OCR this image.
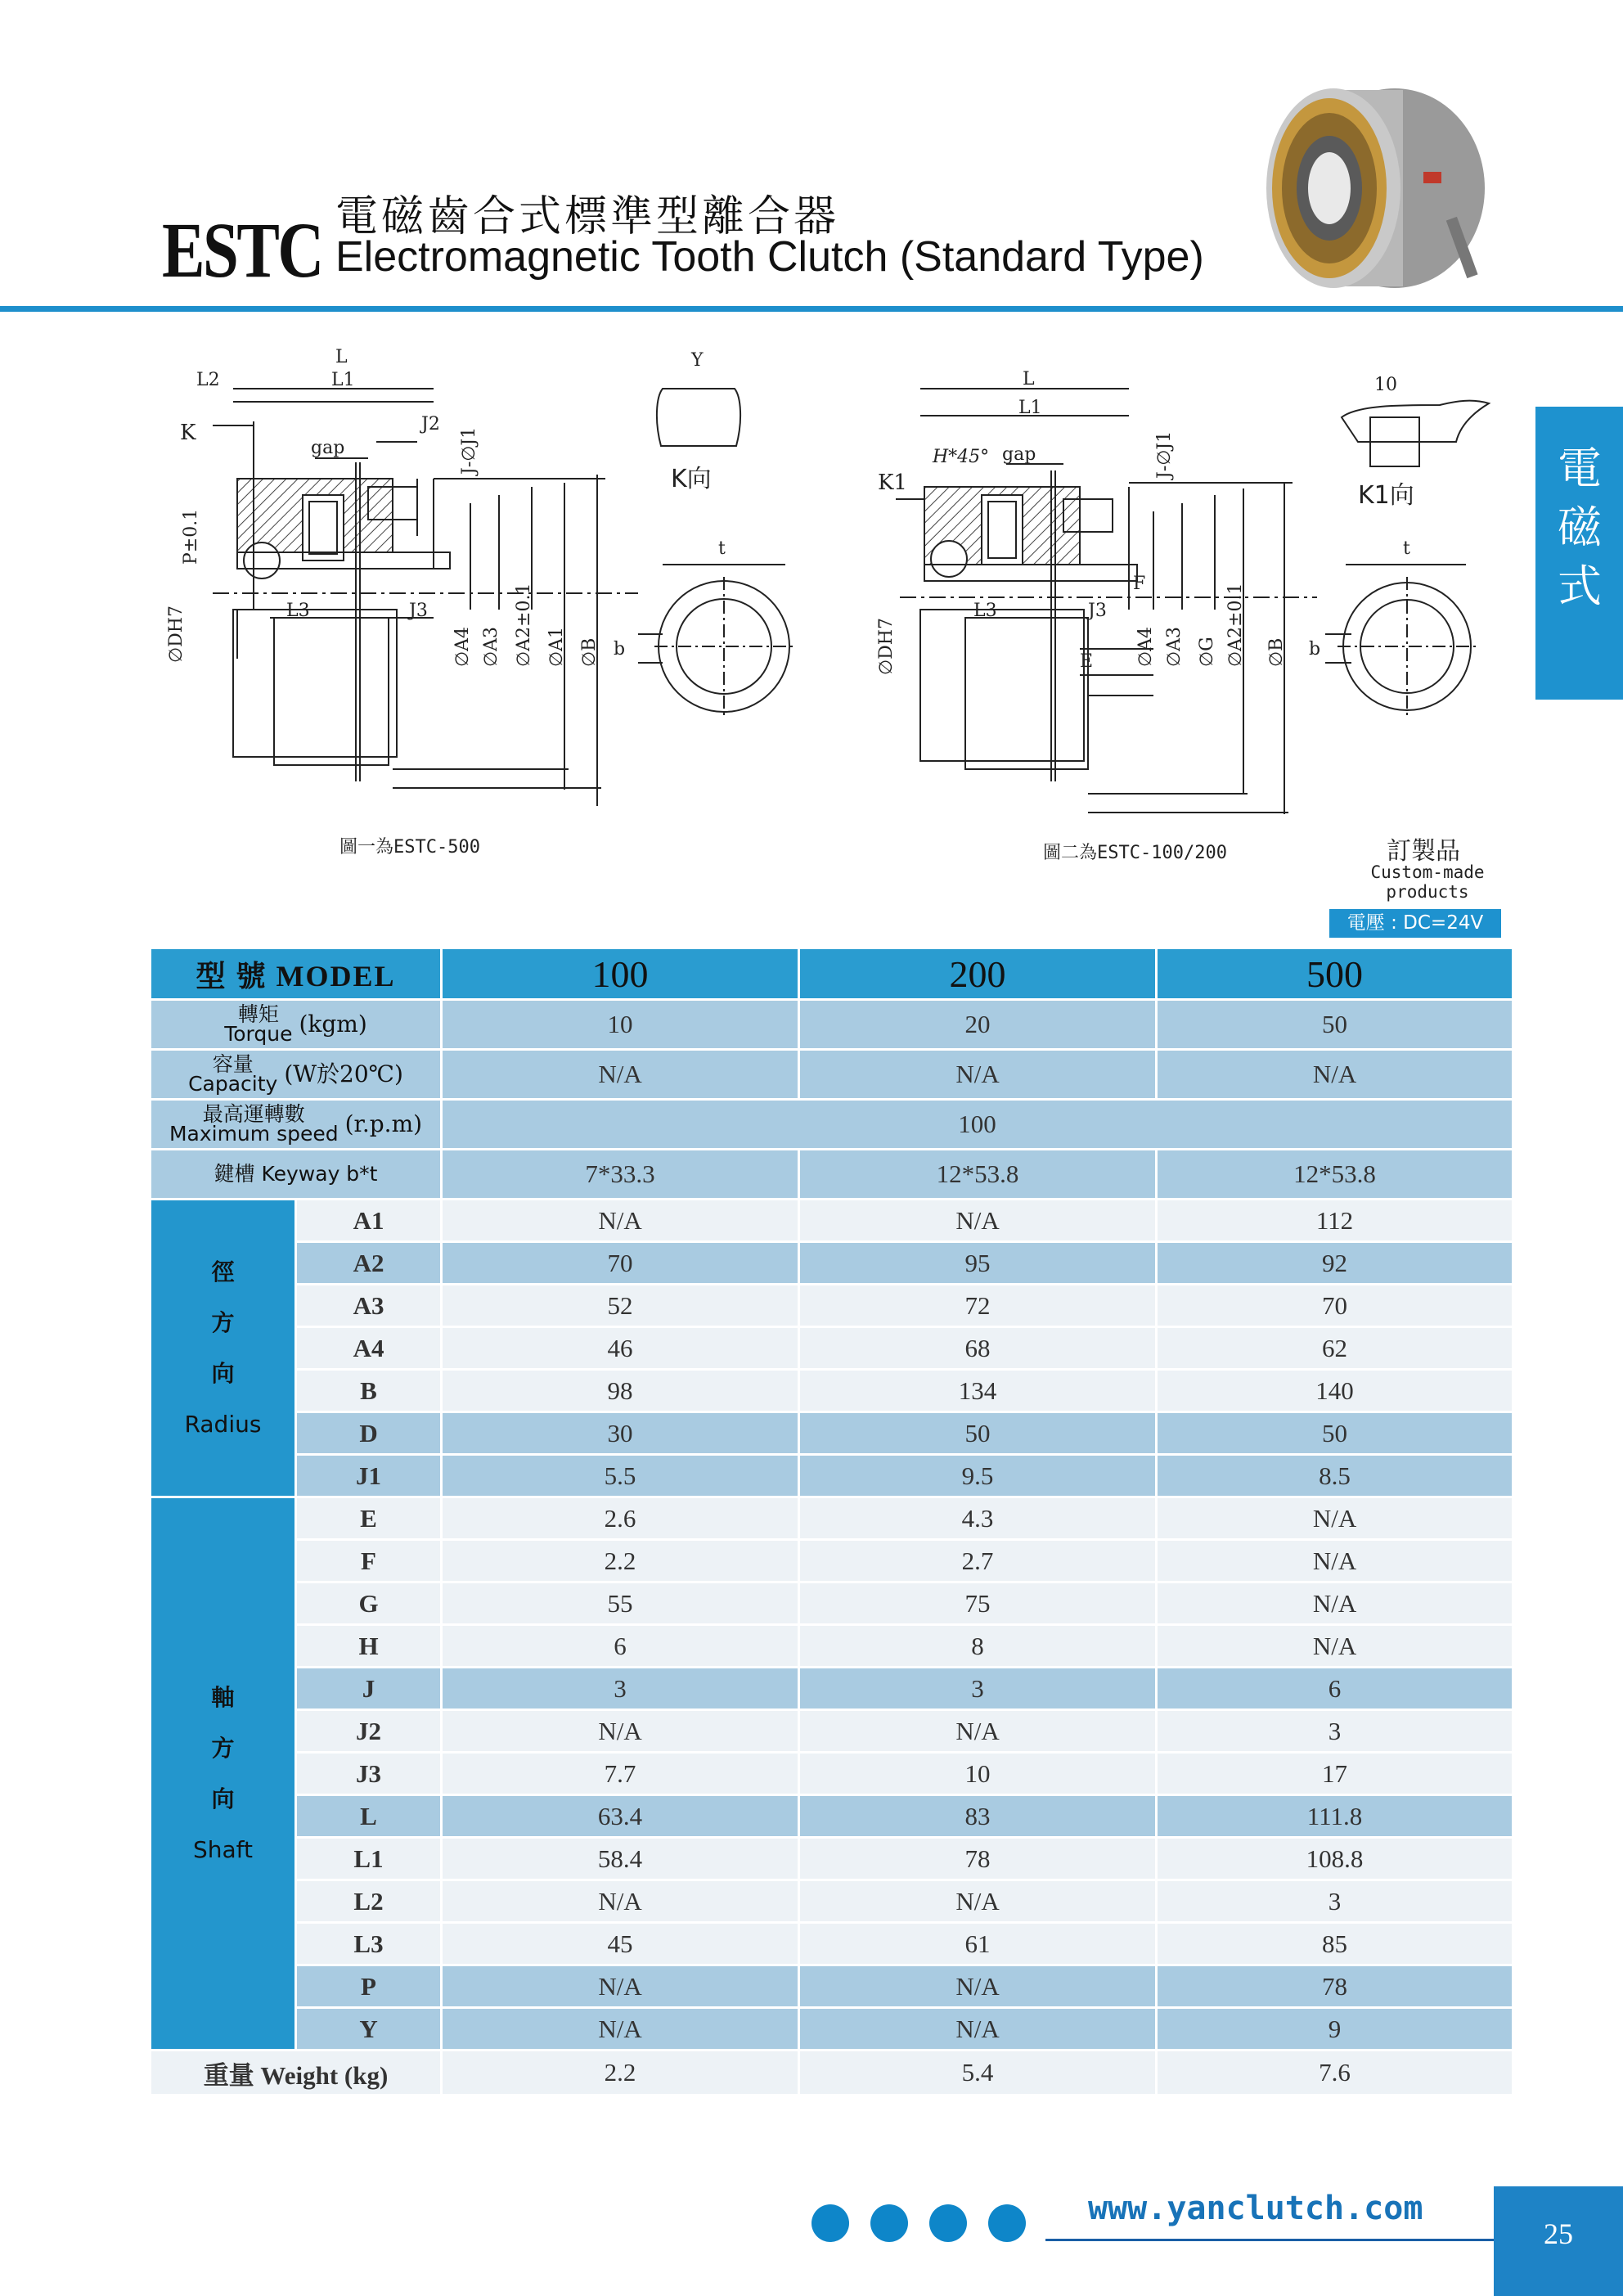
ESTC 電磁齒合式標準型離合器
Electromagnetic Tooth Clutch (Standard Type)
電磁式
L
L1
L2
K
gap
J2
J-∅J1
P±0.1
∅DH7	L3	J3
∅A4 ∅A3 ∅A2±0.1 ∅A1 ∅B
Y
K向
t
b
L
L1
K1
H*45° gap	J-∅J1
∅DH7
L3	J3
F
E ∅A4 ∅A3 ∅G ∅A2±0.1 ∅B
10
K1向
t
b
圖一為ESTC-500	圖二為ESTC-100/200	訂製品
Custom-made
products
電壓 : DC=24V
型 號 MODEL		100	200	500
轉矩
Torque (kgm)		10	20	50
容量
Capacity (W於20℃)		N/A	N/A	N/A
最高運轉數
Maximum speed (r.p.m)		100		
鍵槽 Keyway b*t		7*33.3	12*53.8	12*53.8
徑
方
向
Radius	A1	N/A	N/A	112
	A2	70	95	92
	A3	52	72	70
	A4	46	68	62
	B	98	134	140
	D	30	50	50
	J1	5.5	9.5	8.5
軸
方
向
Shaft	E	2.6	4.3	N/A
	F	2.2	2.7	N/A
	G	55	75	N/A
	H	6	8	N/A
	J	3	3	6
	J2	N/A	N/A	3
	J3	7.7	10	17
	L	63.4	83	111.8
	L1	58.4	78	108.8
	L2	N/A	N/A	3
	L3	45	61	85
	P	N/A	N/A	78
	Y	N/A	N/A	9
重量 Weight (kg)		2.2	5.4	7.6
www.yanclutch.com
25
